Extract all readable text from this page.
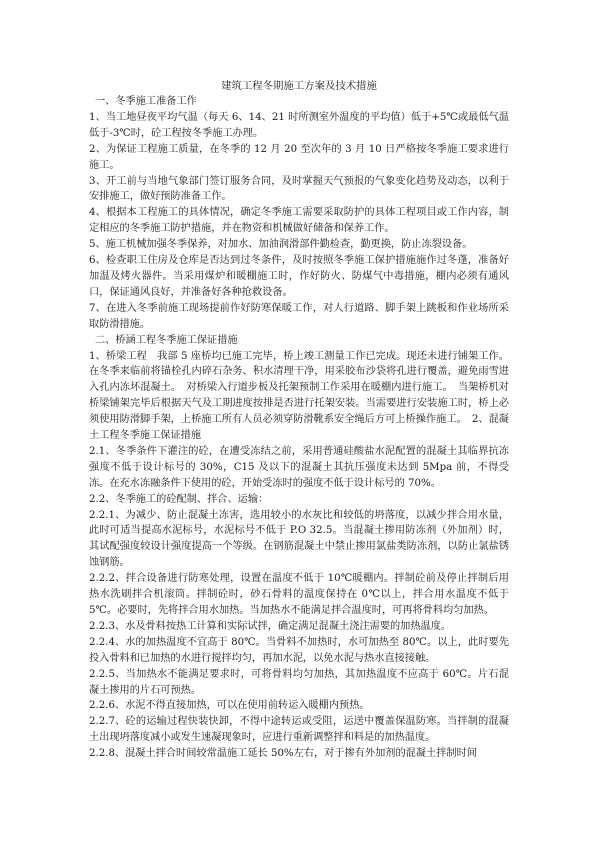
建筑工程冬期施工方案及技术措施

一、冬季施工准备工作

1、当工地昼夜平均气温（每天 6、14、21 时所测室外温度的平均值）低于+5℃或最低气温低于-3℃时，砼工程按冬季施工办理。

2、为保证工程施工质量，在冬季的 12 月 20 至次年的 3 月 10 日严格按冬季施工要求进行施工。

3、开工前与当地气象部门签订服务合同，及时掌握天气预报的气象变化趋势及动态，以利于安排施工，做好预防准备工作。

4、根据本工程施工的具体情况，确定冬季施工需要采取防护的具体工程项目或工作内容，制定相应的冬季施工防护措施，并在物资和机械做好储备和保养工作。

5、施工机械加强冬季保养，对加水、加油润滑部件勤检查，勤更换，防止冻裂设备。

6、检查职工住房及仓库是否达到过冬条件，及时按照冬季施工保护措施施作过冬蓬，准备好加温及烤火器件。当采用煤炉和暖棚施工时，作好防火、防煤气中毒措施，棚内必须有通风口，保证通风良好，并准备好各种抢救设备。

7、在进入冬季前施工现场提前作好防寒保暖工作，对人行道路、脚手架上跳板和作业场所采取防滑措施。

二、桥涵工程冬季施工保证措施

1、桥梁工程　我部 5 座桥均已施工完毕，桥上竣工测量工作已完成。现还未进行铺架工作。在冬季来临前将锚栓孔内碎石杂务、积水清理干净，用采胶布沙袋将孔进行覆盖，避免雨雪进入孔内冻坏混凝土。　对桥梁入行道步板及托架预制工作采用在暖棚内进行施工。　当架桥机对桥梁铺架完毕后根据天气及工期进度按排是否进行托架安装。当需要进行安装施工时，桥上必须使用防滑脚手架，上桥施工所有人员必须穿防滑靴系安全绳后方可上桥操作施工。　2、混凝土工程冬季施工保证措施

2.1、冬季条件下灌注的砼，在遭受冻结之前，采用普通硅酸盐水泥配置的混凝土其临界抗冻强度不低于设计标号的 30%，C15 及以下的混凝土其抗压强度未达到 5Mpa 前，不得受冻。在充水冻融条件下使用的砼，开始受冻时的强度不低于设计标号的 70%。

2.2、冬季施工的砼配制、拌合、运输：

2.2.1、为减少、防止混凝土冻害，选用较小的水灰比和较低的坍落度，以减少拌合用水量，此时可适当提高水泥标号，水泥标号不低于 P.O 32.5。当混凝土掺用防冻剂（外加剂）时，其试配强度较设计强度提高一个等级。在钢筋混凝土中禁止掺用氯盐类防冻剂，以防止氯盐锈蚀钢筋。

2.2.2、拌合设备进行防寒处理，设置在温度不低于 10℃暖棚内。拌制砼前及停止拌制后用热水洗刷拌合机滚筒。拌制砼时，砂石骨料的温度保持在 0℃以上，拌合用水温度不低于 5℃。必要时，先将拌合用水加热。当加热水不能满足拌合温度时，可再将骨料均匀加热。

2.2.3、水及骨料按热工计算和实际试拌，确定满足混凝土浇注需要的加热温度。

2.2.4、水的加热温度不宜高于 80℃。当骨料不加热时，水可加热至 80℃。以上，此时要先投入骨料和已加热的水进行搅拌均匀，再加水泥，以免水泥与热水直接接触。

2.2.5、当加热水不能满足要求时，可将骨料均匀加热，其加热温度不应高于 60℃。片石混凝土掺用的片石可预热。

2.2.6、水泥不得直接加热，可以在使用前转运入暖棚内预热。

2.2.7、砼的运输过程快装快卸，不得中途转运或受阻，运送中覆盖保温防寒。当拌制的混凝土出现坍落度减小或发生速凝现象时，应进行重新调整拌和料是的加热温度。

2.2.8、混凝土拌合时间较常温施工延长 50%左右，对于掺有外加剂的混凝土拌制时间
